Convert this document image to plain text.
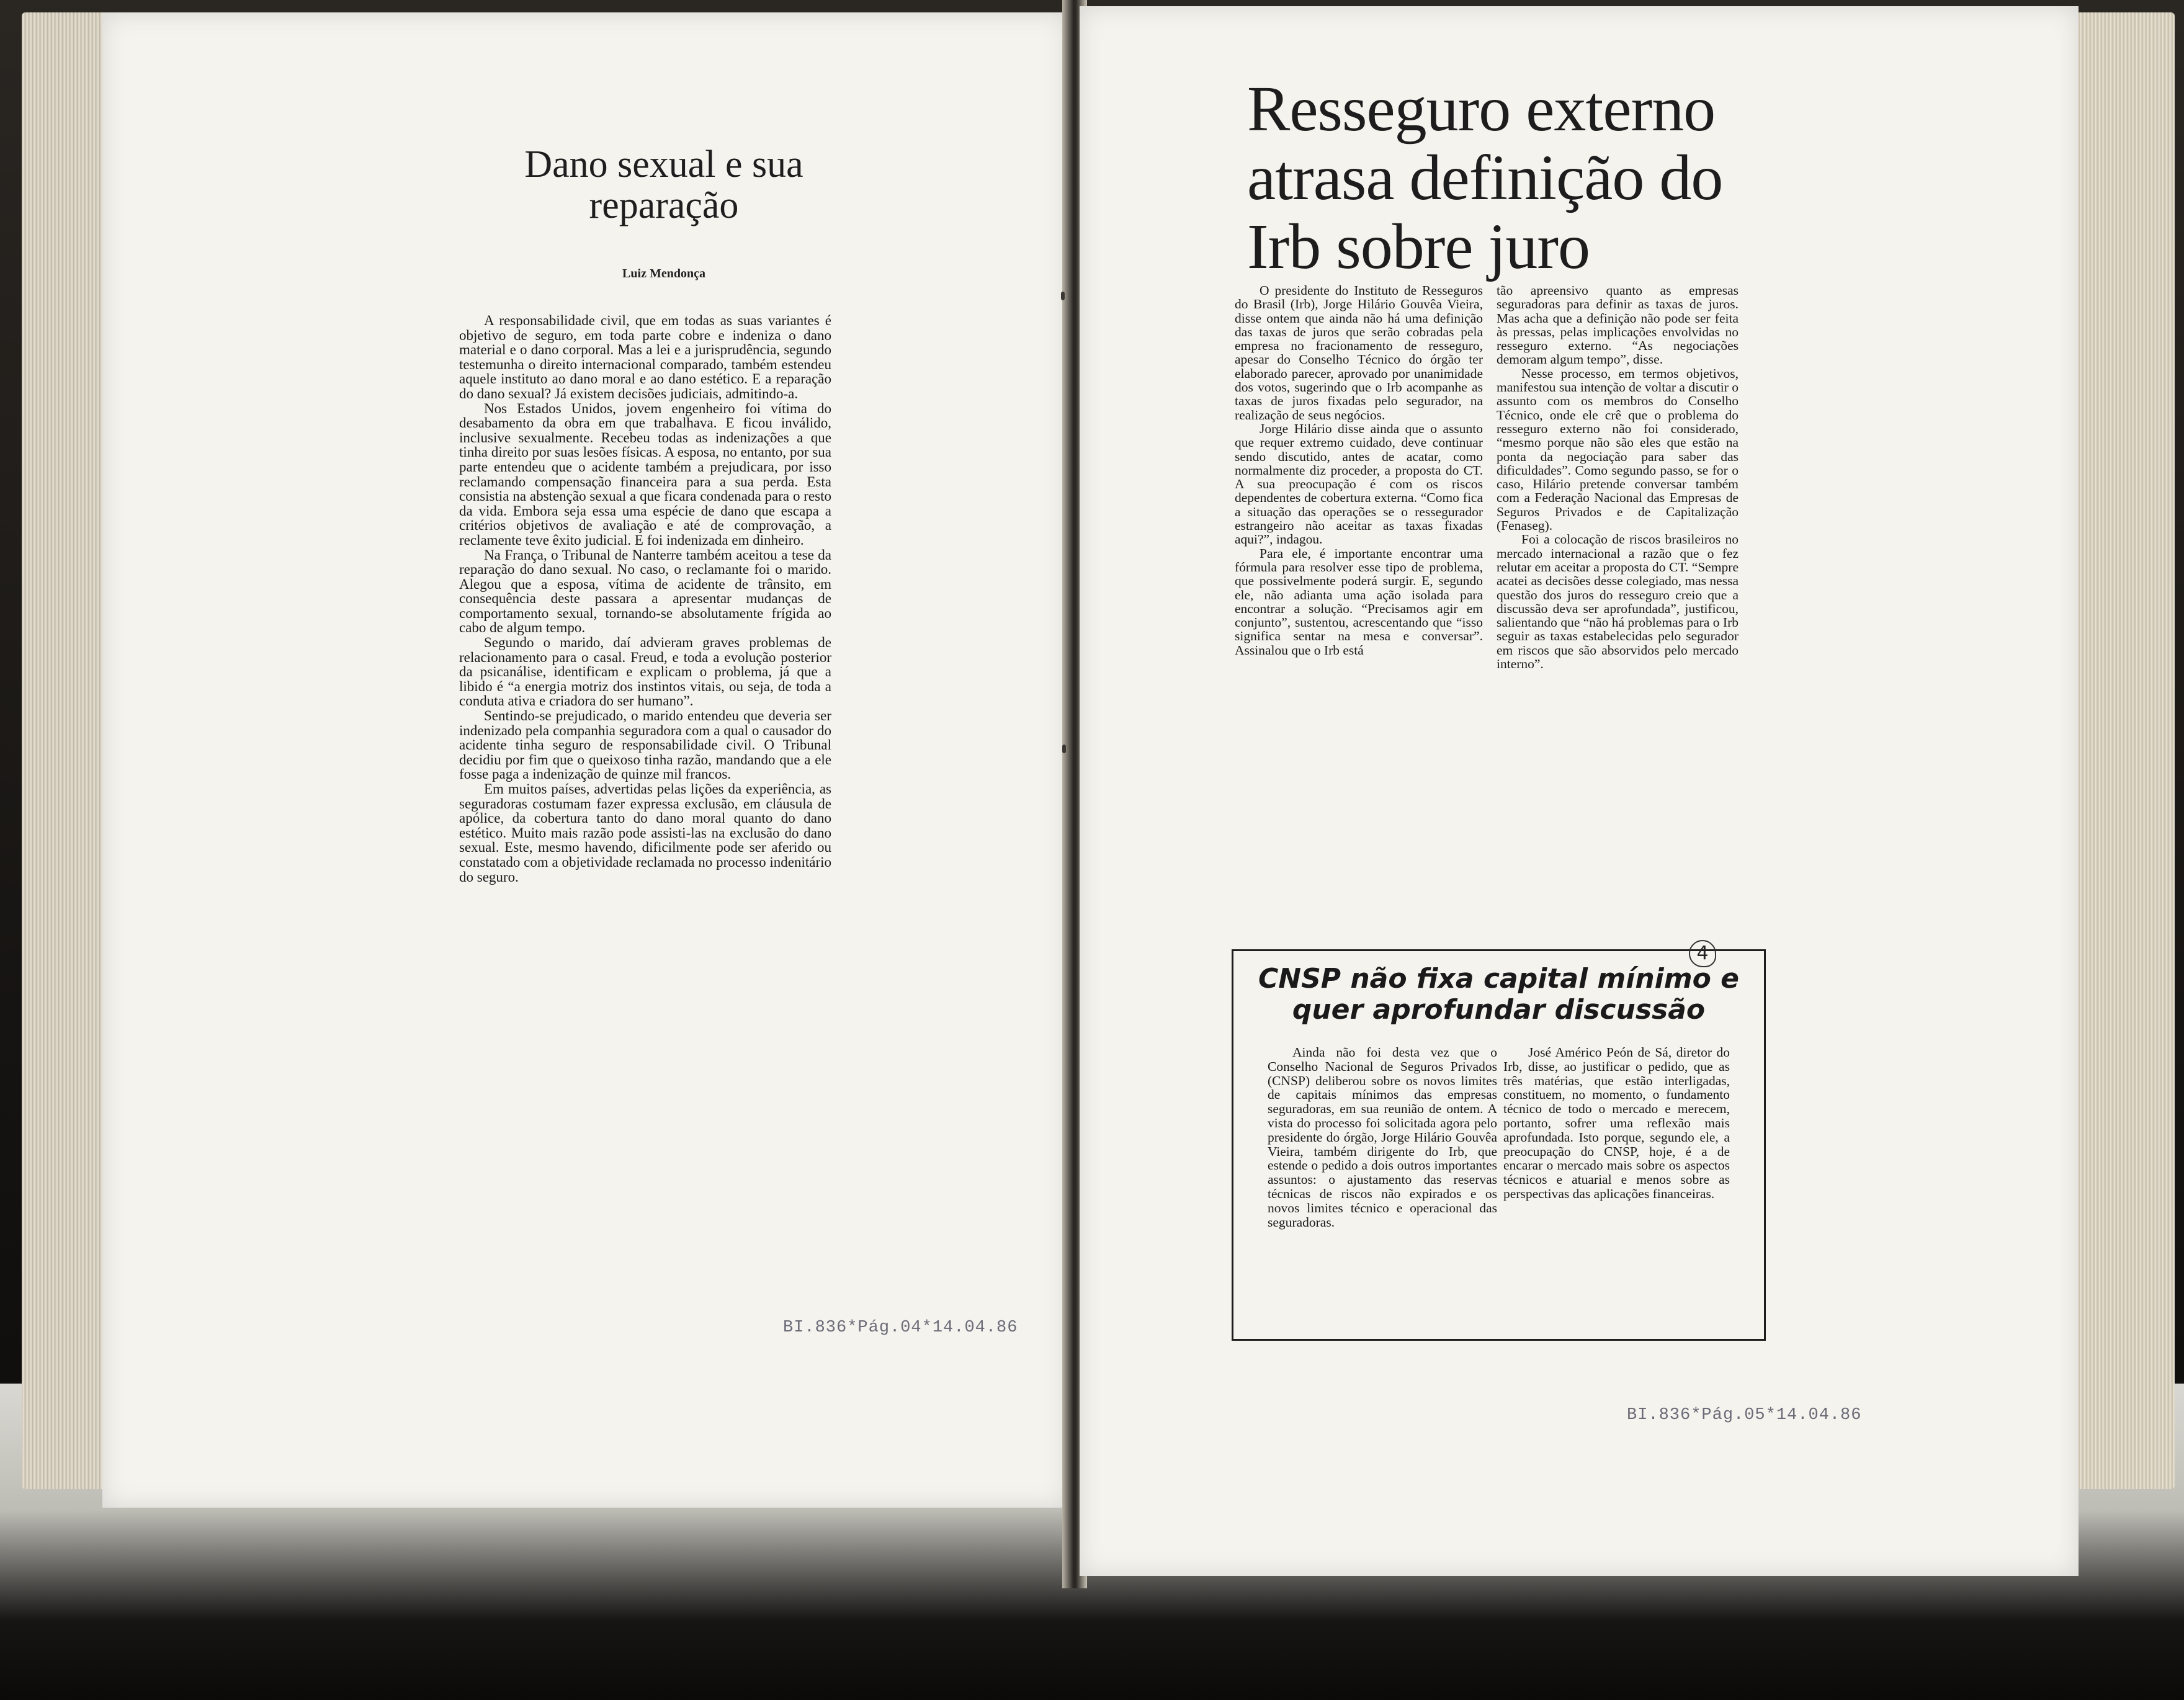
Dano sexual e sua reparação
Luiz Mendonça

A responsabilidade civil, que em todas as suas variantes é objetivo de seguro, em toda parte cobre e indeniza o dano material e o dano corporal. Mas a lei e a jurisprudência, segundo testemunha o direito internacional comparado, também estendeu aquele instituto ao dano moral e ao dano estético. E a reparação do dano sexual? Já existem decisões judiciais, admitindo-a.

Nos Estados Unidos, jovem engenheiro foi vítima do desabamento da obra em que trabalhava. E ficou inválido, inclusive sexualmente. Recebeu todas as indenizações a que tinha direito por suas lesões físicas. A esposa, no entanto, por sua parte entendeu que o acidente também a prejudicara, por isso reclamando compensação financeira para a sua perda. Esta consistia na abstenção sexual a que ficara condenada para o resto da vida. Embora seja essa uma espécie de dano que escapa a critérios objetivos de avaliação e até de comprovação, a reclamente teve êxito judicial. E foi indenizada em dinheiro.

Na França, o Tribunal de Nanterre também aceitou a tese da reparação do dano sexual. No caso, o reclamante foi o marido. Alegou que a esposa, vítima de acidente de trânsito, em consequência deste passara a apresentar mudanças de comportamento sexual, tornando-se absolutamente frígida ao cabo de algum tempo.

Segundo o marido, daí advieram graves problemas de relacionamento para o casal. Freud, e toda a evolução posterior da psicanálise, identificam e explicam o problema, já que a libido é “a energia motriz dos instintos vitais, ou seja, de toda a conduta ativa e criadora do ser humano”.

Sentindo-se prejudicado, o marido entendeu que deveria ser indenizado pela companhia seguradora com a qual o causador do acidente tinha seguro de responsabilidade civil. O Tribunal decidiu por fim que o queixoso tinha razão, mandando que a ele fosse paga a indenização de quinze mil francos.

Em muitos países, advertidas pelas lições da experiência, as seguradoras costumam fazer expressa exclusão, em cláusula de apólice, da cobertura tanto do dano moral quanto do dano estético. Muito mais razão pode assisti-las na exclusão do dano sexual. Este, mesmo havendo, dificilmente pode ser aferido ou constatado com a objetividade reclamada no processo indenitário do seguro.

BI.836*Pág.04*14.04.86
Resseguro externo atrasa definição do Irb sobre juro

O presidente do Instituto de Resseguros do Brasil (Irb), Jorge Hilário Gouvêa Vieira, disse ontem que ainda não há uma definição das taxas de juros que serão cobradas pela empresa no fracionamento de resseguro, apesar do Conselho Técnico do órgão ter elaborado parecer, aprovado por unanimidade dos votos, sugerindo que o Irb acompanhe as taxas de juros fixadas pelo segurador, na realização de seus negócios.

Jorge Hilário disse ainda que o assunto que requer extremo cuidado, deve continuar sendo discutido, antes de acatar, como normalmente diz proceder, a proposta do CT. A sua preocupação é com os riscos dependentes de cobertura externa. “Como fica a situação das operações se o ressegurador estrangeiro não aceitar as taxas fixadas aqui?”, indagou.

Para ele, é importante encontrar uma fórmula para resolver esse tipo de problema, que possivelmente poderá surgir. E, segundo ele, não adianta uma ação isolada para encontrar a solução. “Precisamos agir em conjunto”, sustentou, acrescentando que “isso significa sentar na mesa e conversar”. Assinalou que o Irb está

tão apreensivo quanto as empresas seguradoras para definir as taxas de juros. Mas acha que a definição não pode ser feita às pressas, pelas implicações envolvidas no resseguro externo. “As negociações demoram algum tempo”, disse.

Nesse processo, em termos objetivos, manifestou sua intenção de voltar a discutir o assunto com os membros do Conselho Técnico, onde ele crê que o problema do resseguro externo não foi considerado, “mesmo porque não são eles que estão na ponta da negociação para saber das dificuldades”. Como segundo passo, se for o caso, Hilário pretende conversar também com a Federação Nacional das Empresas de Seguros Privados e de Capitalização (Fenaseg).

Foi a colocação de riscos brasileiros no mercado internacional a razão que o fez relutar em aceitar a proposta do CT. “Sempre acatei as decisões desse colegiado, mas nessa questão dos juros do resseguro creio que a discussão deva ser aprofundada”, justificou, salientando que “não há problemas para o Irb seguir as taxas estabelecidas pelo segurador em riscos que são absorvidos pelo mercado interno”.

CNSP não fixa capital mínimo e quer aprofundar discussão

Ainda não foi desta vez que o Conselho Nacional de Seguros Privados (CNSP) deliberou sobre os novos limites de capitais mínimos das empresas seguradoras, em sua reunião de ontem. A vista do processo foi solicitada agora pelo presidente do órgão, Jorge Hilário Gouvêa Vieira, também dirigente do Irb, que estende o pedido a dois outros importantes assuntos: o ajustamento das reservas técnicas de riscos não expirados e os novos limites técnico e operacional das seguradoras.

José Américo Peón de Sá, diretor do Irb, disse, ao justificar o pedido, que as três matérias, que estão interligadas, constituem, no momento, o fundamento técnico de todo o mercado e merecem, portanto, sofrer uma reflexão mais aprofundada. Isto porque, segundo ele, a preocupação do CNSP, hoje, é a de encarar o mercado mais sobre os aspectos técnicos e atuarial e menos sobre as perspectivas das aplicações financeiras.

4
BI.836*Pág.05*14.04.86
